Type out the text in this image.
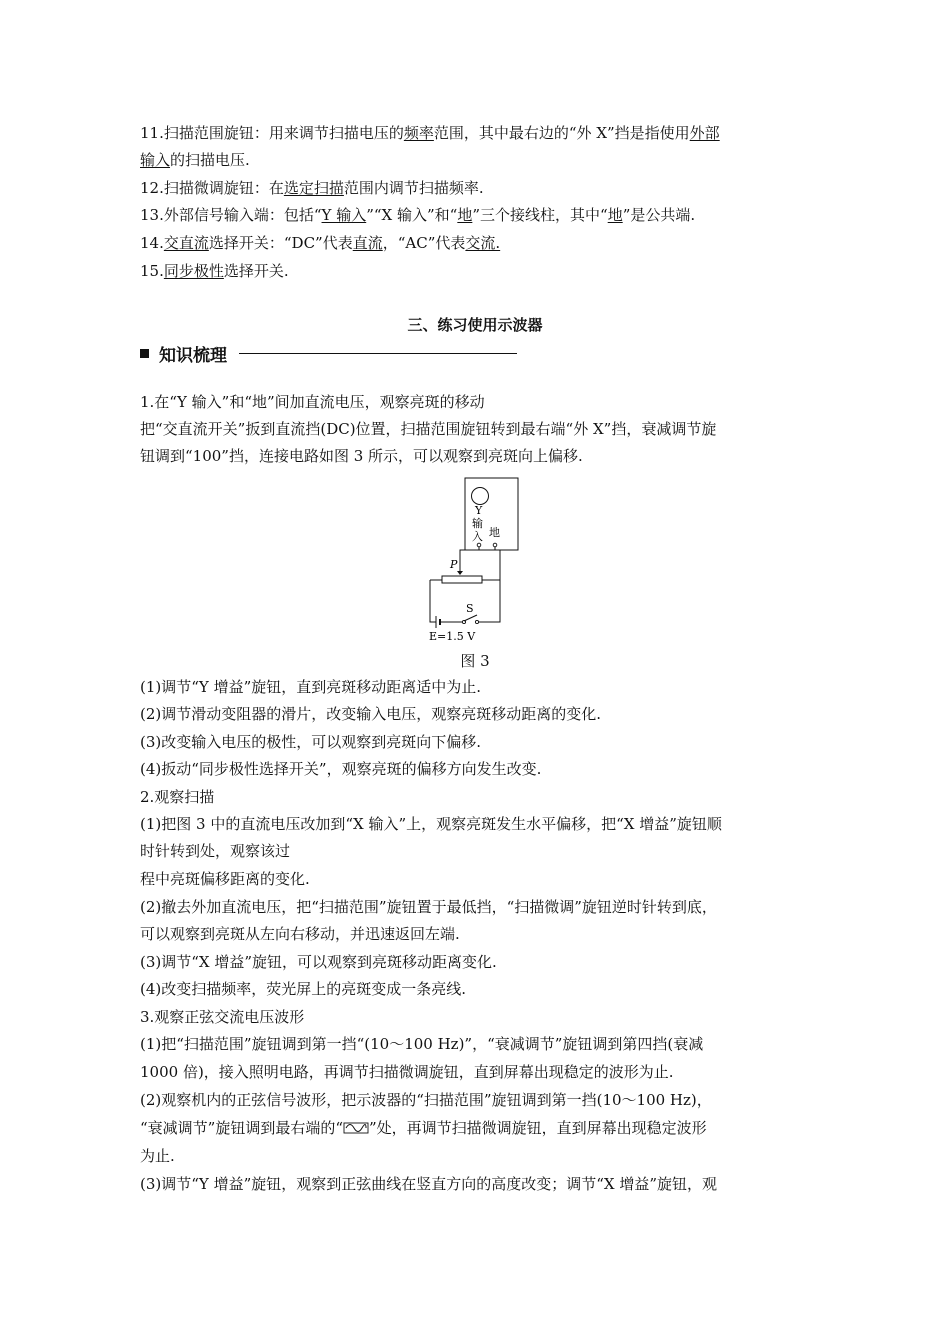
11.扫描范围旋钮：用来调节扫描电压的频率范围，其中最右边的“外 X”挡是指使用外部
输入的扫描电压.
12.扫描微调旋钮：在选定扫描范围内调节扫描频率.
13.外部信号输入端：包括“Y 输入”“X 输入”和“地”三个接线柱，其中“地”是公共端.
14.交直流选择开关：“DC”代表直流，“AC”代表交流.
15.同步极性选择开关.
三、练习使用示波器
知识梳理
1.在“Y 输入”和“地”间加直流电压，观察亮斑的移动
把“交直流开关”扳到直流挡(DC)位置，扫描范围旋钮转到最右端“外 X”挡，衰减调节旋
钮调到“100”挡，连接电路如图 3 所示，可以观察到亮斑向上偏移.
Y
输
入 地
P
S
E=1.5 V
图 3
(1)调节“Y 增益”旋钮，直到亮斑移动距离适中为止.
(2)调节滑动变阻器的滑片，改变输入电压，观察亮斑移动距离的变化.
(3)改变输入电压的极性，可以观察到亮斑向下偏移.
(4)扳动“同步极性选择开关”，观察亮斑的偏移方向发生改变.
2.观察扫描
(1)把图 3 中的直流电压改加到“X 输入”上，观察亮斑发生水平偏移，把“X 增益”旋钮顺
时针转到处，观察该过
程中亮斑偏移距离的变化.
(2)撤去外加直流电压，把“扫描范围”旋钮置于最低挡，“扫描微调”旋钮逆时针转到底，
可以观察到亮斑从左向右移动，并迅速返回左端.
(3)调节“X 增益”旋钮，可以观察到亮斑移动距离变化.
(4)改变扫描频率，荧光屏上的亮斑变成一条亮线.
3.观察正弦交流电压波形
(1)把“扫描范围”旋钮调到第一挡“(10～100 Hz)”，“衰减调节”旋钮调到第四挡(衰减
1000 倍)，接入照明电路，再调节扫描微调旋钮，直到屏幕出现稳定的波形为止.
(2)观察机内的正弦信号波形，把示波器的“扫描范围”旋钮调到第一挡(10～100 Hz)，
“衰减调节”旋钮调到最右端的“ ”处，再调节扫描微调旋钮，直到屏幕出现稳定波形
为止.
(3)调节“Y 增益”旋钮，观察到正弦曲线在竖直方向的高度改变；调节“X 增益”旋钮，观
